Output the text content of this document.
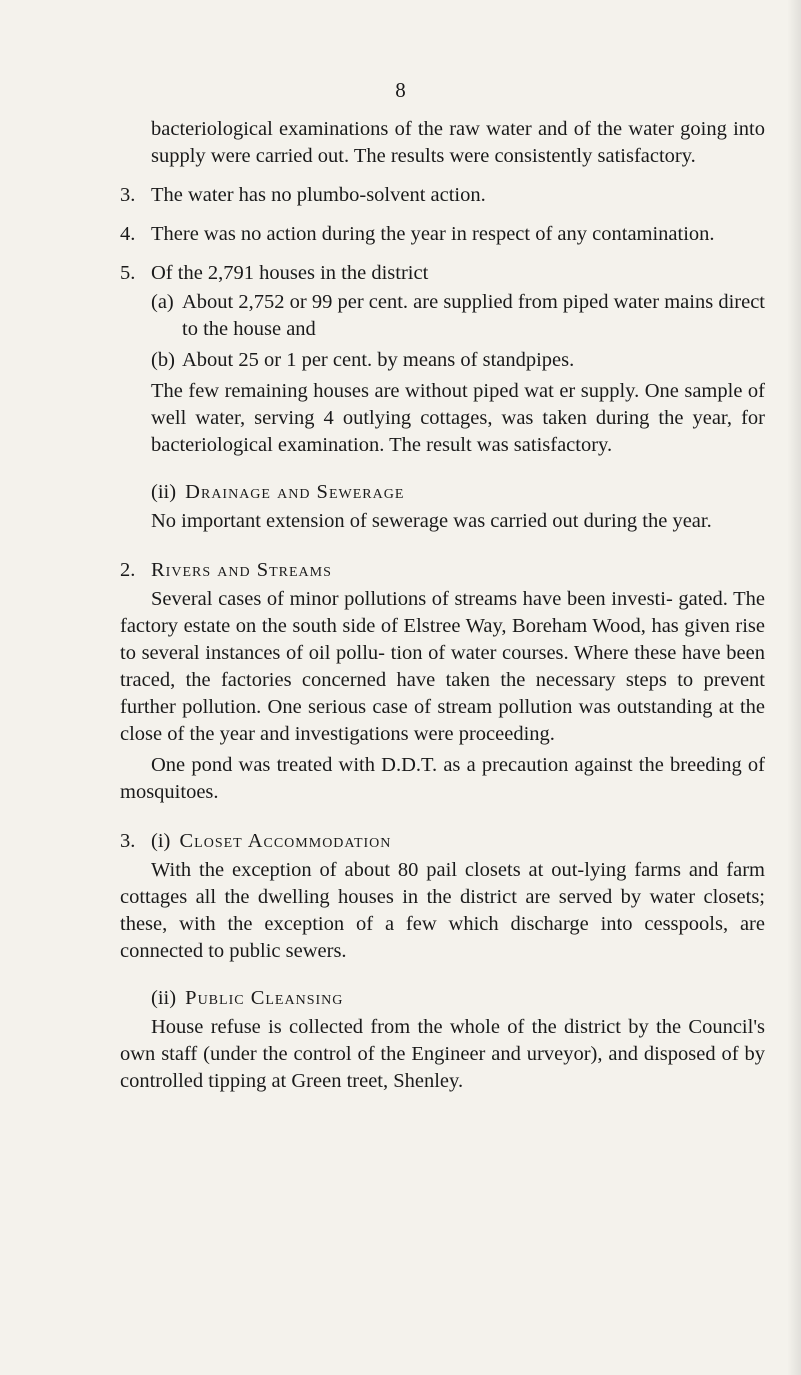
8

bacteriological examinations of the raw water and of the water going into supply were carried out. The results were consistently satisfactory.

3. The water has no plumbo-solvent action.

4. There was no action during the year in respect of any contamination.

5. Of the 2,791 houses in the district

(a) About 2,752 or 99 per cent. are supplied from piped water mains direct to the house and

(b) About 25 or 1 per cent. by means of standpipes.

The few remaining houses are without piped wat er supply. One sample of well water, serving 4 outlying cottages, was taken during the year, for bacteriological examination. The result was satisfactory.

(ii) Drainage and Sewerage

No important extension of sewerage was carried out during the year.

2. Rivers and Streams

Several cases of minor pollutions of streams have been investi- gated. The factory estate on the south side of Elstree Way, Boreham Wood, has given rise to several instances of oil pollu- tion of water courses. Where these have been traced, the factories concerned have taken the necessary steps to prevent further pollution. One serious case of stream pollution was outstanding at the close of the year and investigations were proceeding.

One pond was treated with D.D.T. as a precaution against the breeding of mosquitoes.

3. (i) Closet Accommodation

With the exception of about 80 pail closets at out-lying farms and farm cottages all the dwelling houses in the district are served by water closets; these, with the exception of a few which discharge into cesspools, are connected to public sewers.

(ii) Public Cleansing

House refuse is collected from the whole of the district by the Council's own staff (under the control of the Engineer and urveyor), and disposed of by controlled tipping at Green treet, Shenley.
